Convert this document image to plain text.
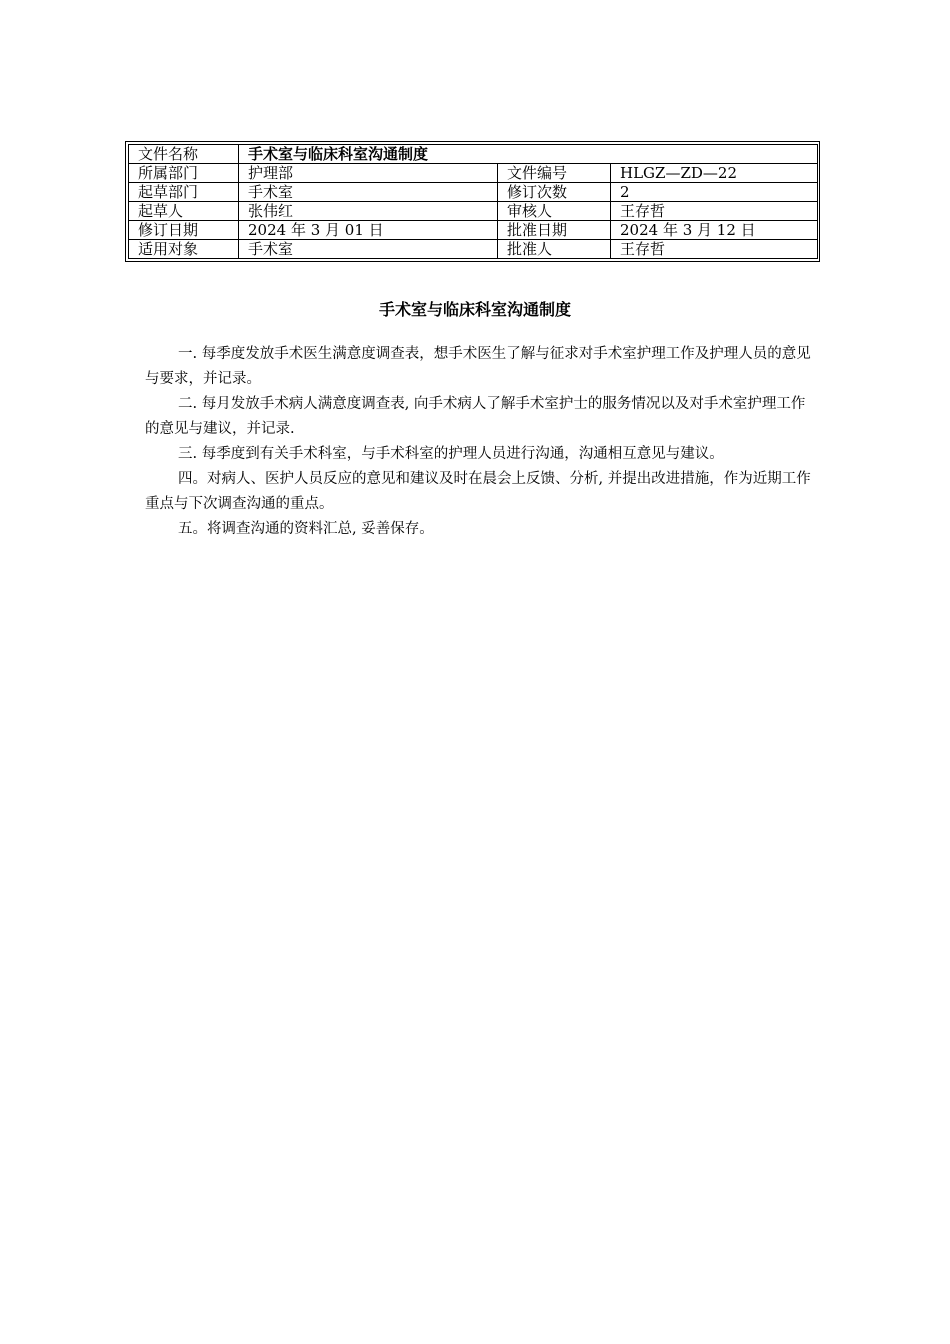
文件名称	手术室与临床科室沟通制度		
所属部门	护理部	文件编号	HLGZ—ZD—22
起草部门	手术室	修订次数	2
起草人	张伟红	审核人	王存哲
修订日期	2024 年 3 月 01 日	批准日期	2024 年 3 月 12 日
适用对象	手术室	批准人	王存哲
手术室与临床科室沟通制度

一. 每季度发放手术医生满意度调查表，想手术医生了解与征求对手术室护理工作及护理人员的意见与要求，并记录。

二. 每月发放手术病人满意度调查表, 向手术病人了解手术室护士的服务情况以及对手术室护理工作的意见与建议，并记录.

三. 每季度到有关手术科室，与手术科室的护理人员进行沟通，沟通相互意见与建议。

四。对病人、医护人员反应的意见和建议及时在晨会上反馈、分析, 并提出改进措施，作为近期工作重点与下次调查沟通的重点。

五。将调查沟通的资料汇总, 妥善保存。
